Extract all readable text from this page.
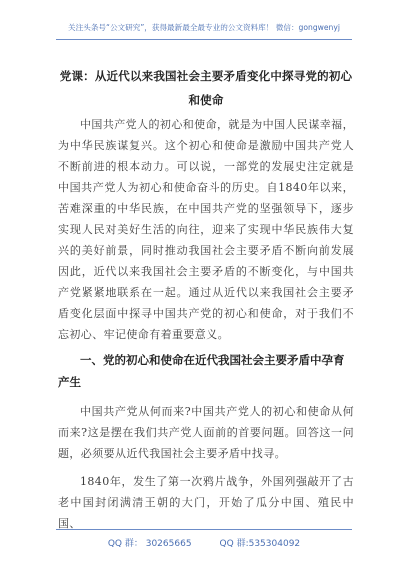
关注头条号“公文研究”，获得最新最全最专业的公文资料库！ 微信：gongwenyj
党课：从近代以来我国社会主要矛盾变化中探寻党的初心和使命
中国共产党人的初心和使命，就是为中国人民谋幸福，为中华民族谋复兴。这个初心和使命是激励中国共产党人不断前进的根本动力。可以说，一部党的发展史注定就是中国共产党人为初心和使命奋斗的历史。自1840年以来，苦难深重的中华民族，在中国共产党的坚强领导下，逐步实现人民对美好生活的向往，迎来了实现中华民族伟大复兴的美好前景，同时推动我国社会主要矛盾不断向前发展因此，近代以来我国社会主要矛盾的不断变化，与中国共产党紧紧地联系在一起。通过从近代以来我国社会主要矛盾变化层面中探寻中国共产党的初心和使命，对于我们不忘初心、牢记使命有着重要意义。
一、党的初心和使命在近代我国社会主要矛盾中孕育产生
中国共产党从何而来?中国共产党人的初心和使命从何而来?这是摆在我们共产党人面前的首要问题。回答这一问题，必须要从近代我国社会主要矛盾中找寻。
1840年，发生了第一次鸦片战争，外国列强敲开了古老中国封闭满清王朝的大门，开始了瓜分中国、殖民中国、
QQ 群： 30265665	QQ 群:535304092
